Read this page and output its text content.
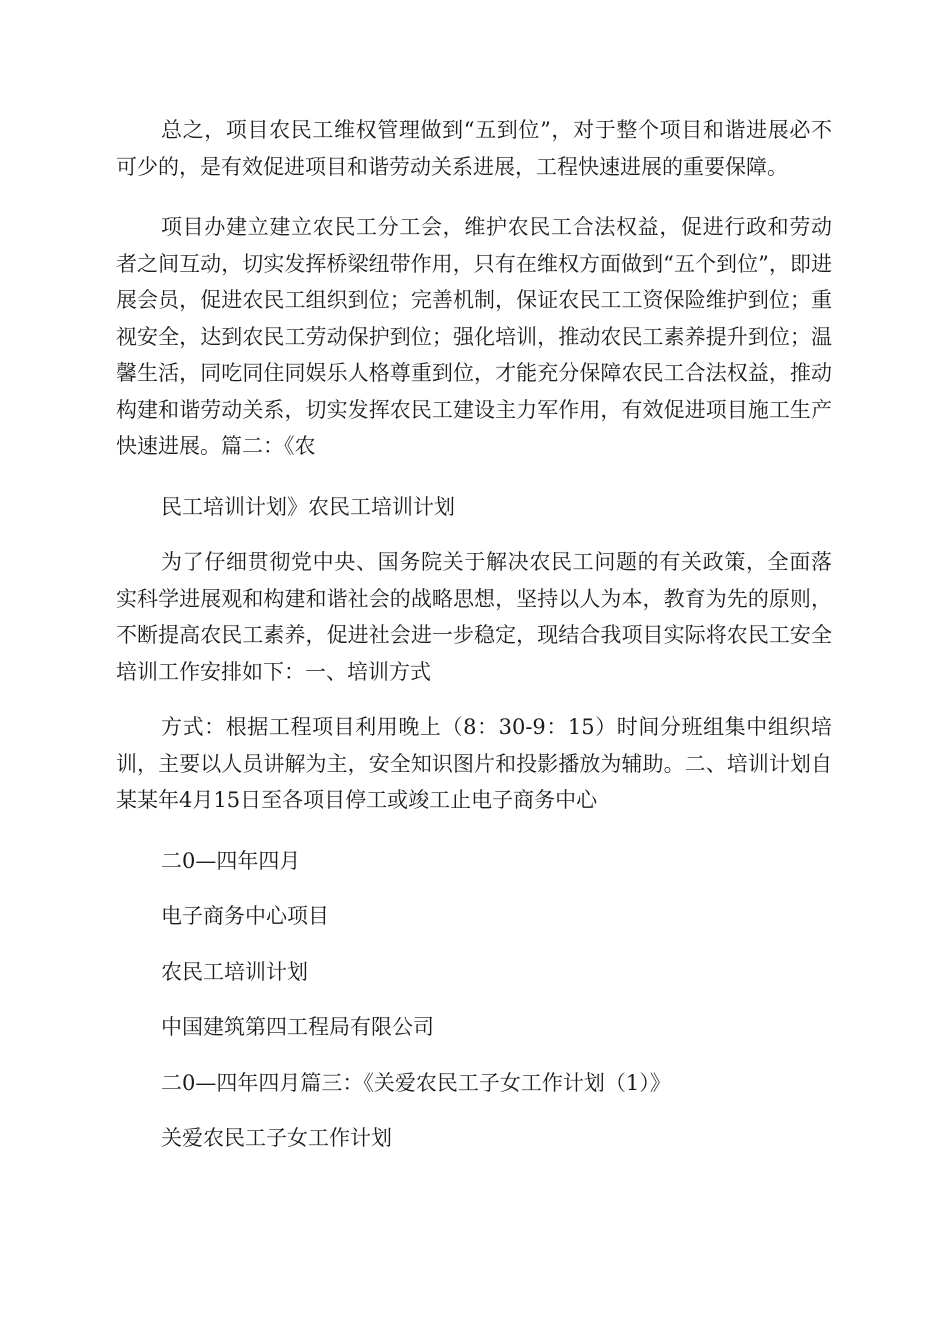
总之，项目农民工维权管理做到“五到位”，对于整个项目和谐进展必不可少的，是有效促进项目和谐劳动关系进展，工程快速进展的重要保障。

项目办建立建立农民工分工会，维护农民工合法权益，促进行政和劳动者之间互动，切实发挥桥梁纽带作用，只有在维权方面做到“五个到位”，即进展会员，促进农民工组织到位；完善机制，保证农民工工资保险维护到位；重视安全，达到农民工劳动保护到位；强化培训，推动农民工素养提升到位；温馨生活，同吃同住同娱乐人格尊重到位，才能充分保障农民工合法权益，推动构建和谐劳动关系，切实发挥农民工建设主力军作用，有效促进项目施工生产快速进展。篇二：《农

民工培训计划》农民工培训计划

为了仔细贯彻党中央、国务院关于解决农民工问题的有关政策，全面落实科学进展观和构建和谐社会的战略思想，坚持以人为本，教育为先的原则，不断提高农民工素养，促进社会进一步稳定，现结合我项目实际将农民工安全培训工作安排如下：一、培训方式

方式：根据工程项目利用晚上（8：30-9：15）时间分班组集中组织培训，主要以人员讲解为主，安全知识图片和投影播放为辅助。二、培训计划自某某年4月15日至各项目停工或竣工止电子商务中心

二0—四年四月

电子商务中心项目

农民工培训计划

中国建筑第四工程局有限公司

二0—四年四月篇三：《关爱农民工子女工作计划（1）》

关爱农民工子女工作计划
